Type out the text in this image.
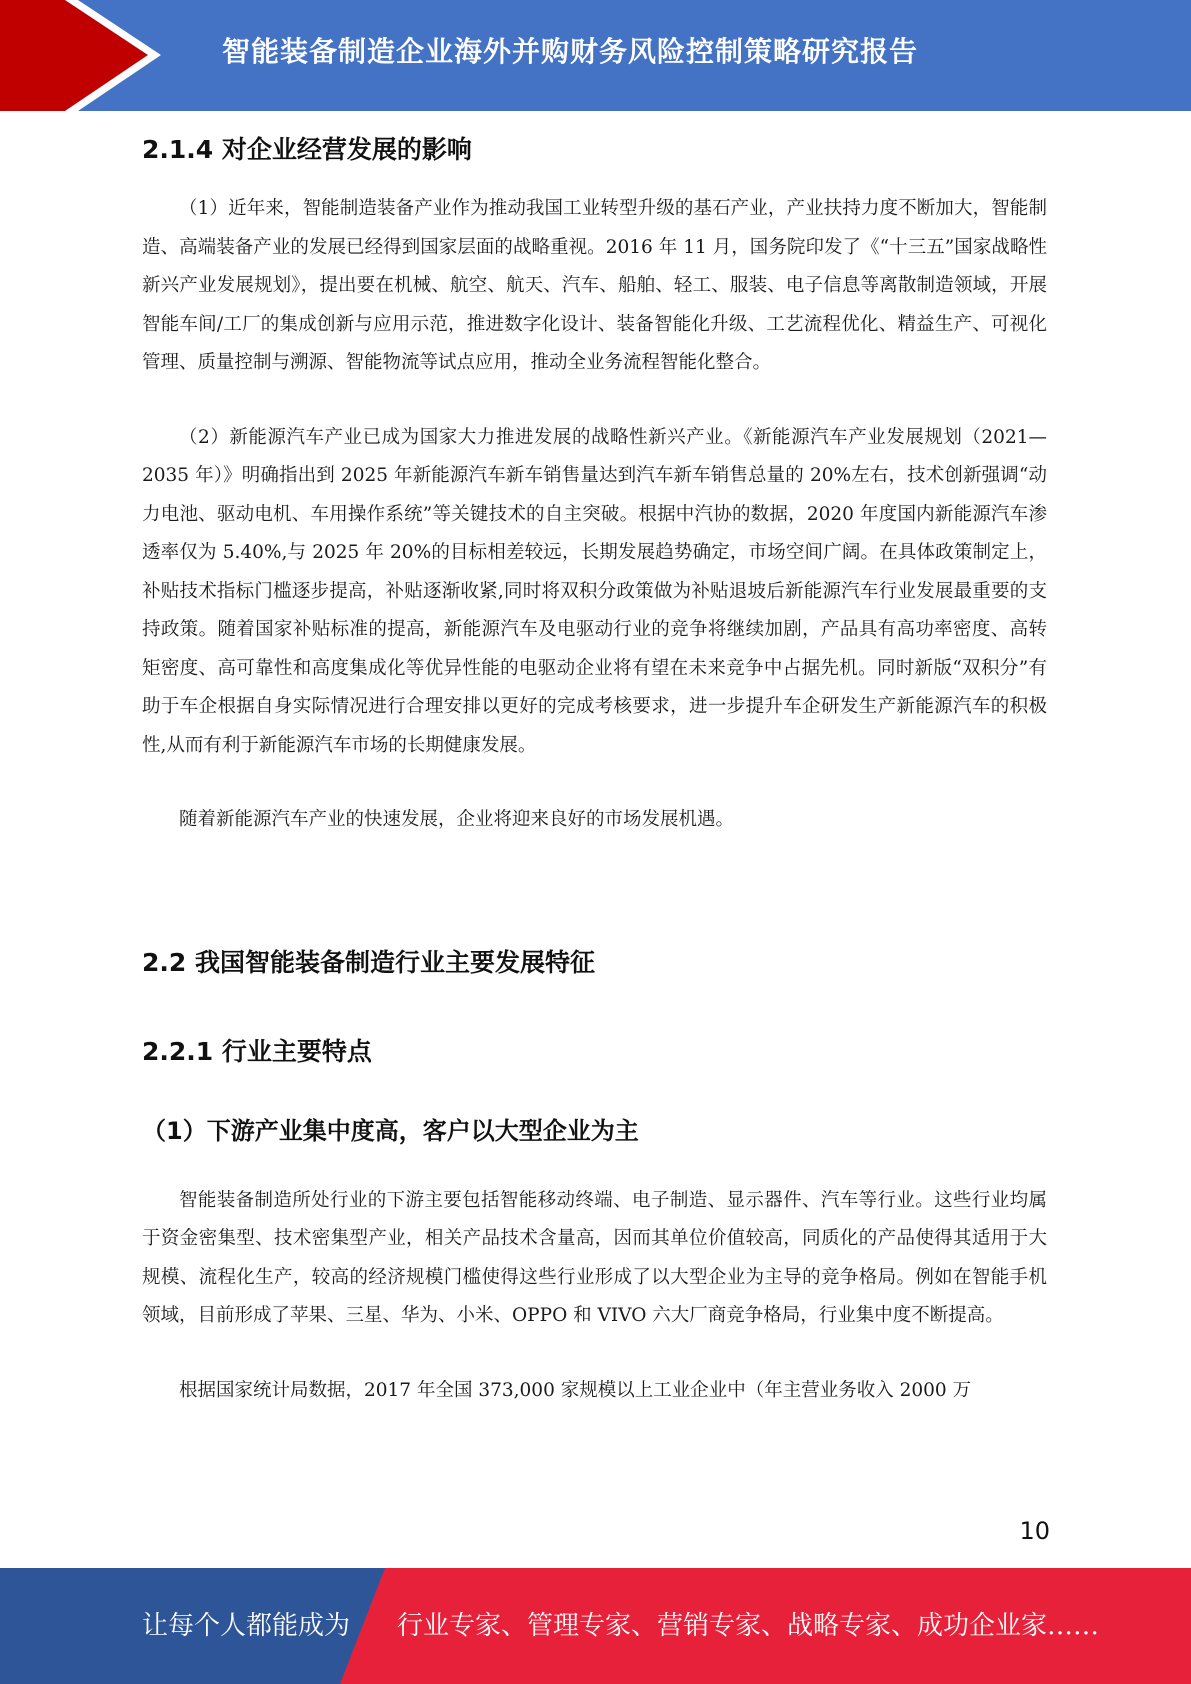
智能装备制造企业海外并购财务风险控制策略研究报告
2.1.4 对企业经营发展的影响

（1）近年来，智能制造装备产业作为推动我国工业转型升级的基石产业，产业扶持力度不断加大，智能制造、高端装备产业的发展已经得到国家层面的战略重视。2016 年 11 月，国务院印发了《“十三五”国家战略性新兴产业发展规划》，提出要在机械、航空、航天、汽车、船舶、轻工、服装、电子信息等离散制造领域，开展智能车间/工厂的集成创新与应用示范，推进数字化设计、装备智能化升级、工艺流程优化、精益生产、可视化管理、质量控制与溯源、智能物流等试点应用，推动全业务流程智能化整合。

（2）新能源汽车产业已成为国家大力推进发展的战略性新兴产业。《新能源汽车产业发展规划（2021—2035 年）》明确指出到 2025 年新能源汽车新车销售量达到汽车新车销售总量的 20%左右，技术创新强调“动力电池、驱动电机、车用操作系统”等关键技术的自主突破。根据中汽协的数据，2020 年度国内新能源汽车渗透率仅为 5.40%,与 2025 年 20%的目标相差较远，长期发展趋势确定，市场空间广阔。在具体政策制定上，补贴技术指标门槛逐步提高，补贴逐渐收紧,同时将双积分政策做为补贴退坡后新能源汽车行业发展最重要的支持政策。随着国家补贴标准的提高，新能源汽车及电驱动行业的竞争将继续加剧，产品具有高功率密度、高转矩密度、高可靠性和高度集成化等优异性能的电驱动企业将有望在未来竞争中占据先机。同时新版“双积分”有助于车企根据自身实际情况进行合理安排以更好的完成考核要求，进一步提升车企研发生产新能源汽车的积极性,从而有利于新能源汽车市场的长期健康发展。

随着新能源汽车产业的快速发展，企业将迎来良好的市场发展机遇。

2.2 我国智能装备制造行业主要发展特征
2.2.1 行业主要特点
（1）下游产业集中度高，客户以大型企业为主

智能装备制造所处行业的下游主要包括智能移动终端、电子制造、显示器件、汽车等行业。这些行业均属于资金密集型、技术密集型产业，相关产品技术含量高，因而其单位价值较高，同质化的产品使得其适用于大规模、流程化生产，较高的经济规模门槛使得这些行业形成了以大型企业为主导的竞争格局。例如在智能手机领域，目前形成了苹果、三星、华为、小米、OPPO 和 VIVO 六大厂商竞争格局，行业集中度不断提高。

根据国家统计局数据，2017 年全国 373,000 家规模以上工业企业中（年主营业务收入 2000 万

10
让每个人都能成为 行业专家、管理专家、营销专家、战略专家、成功企业家……
